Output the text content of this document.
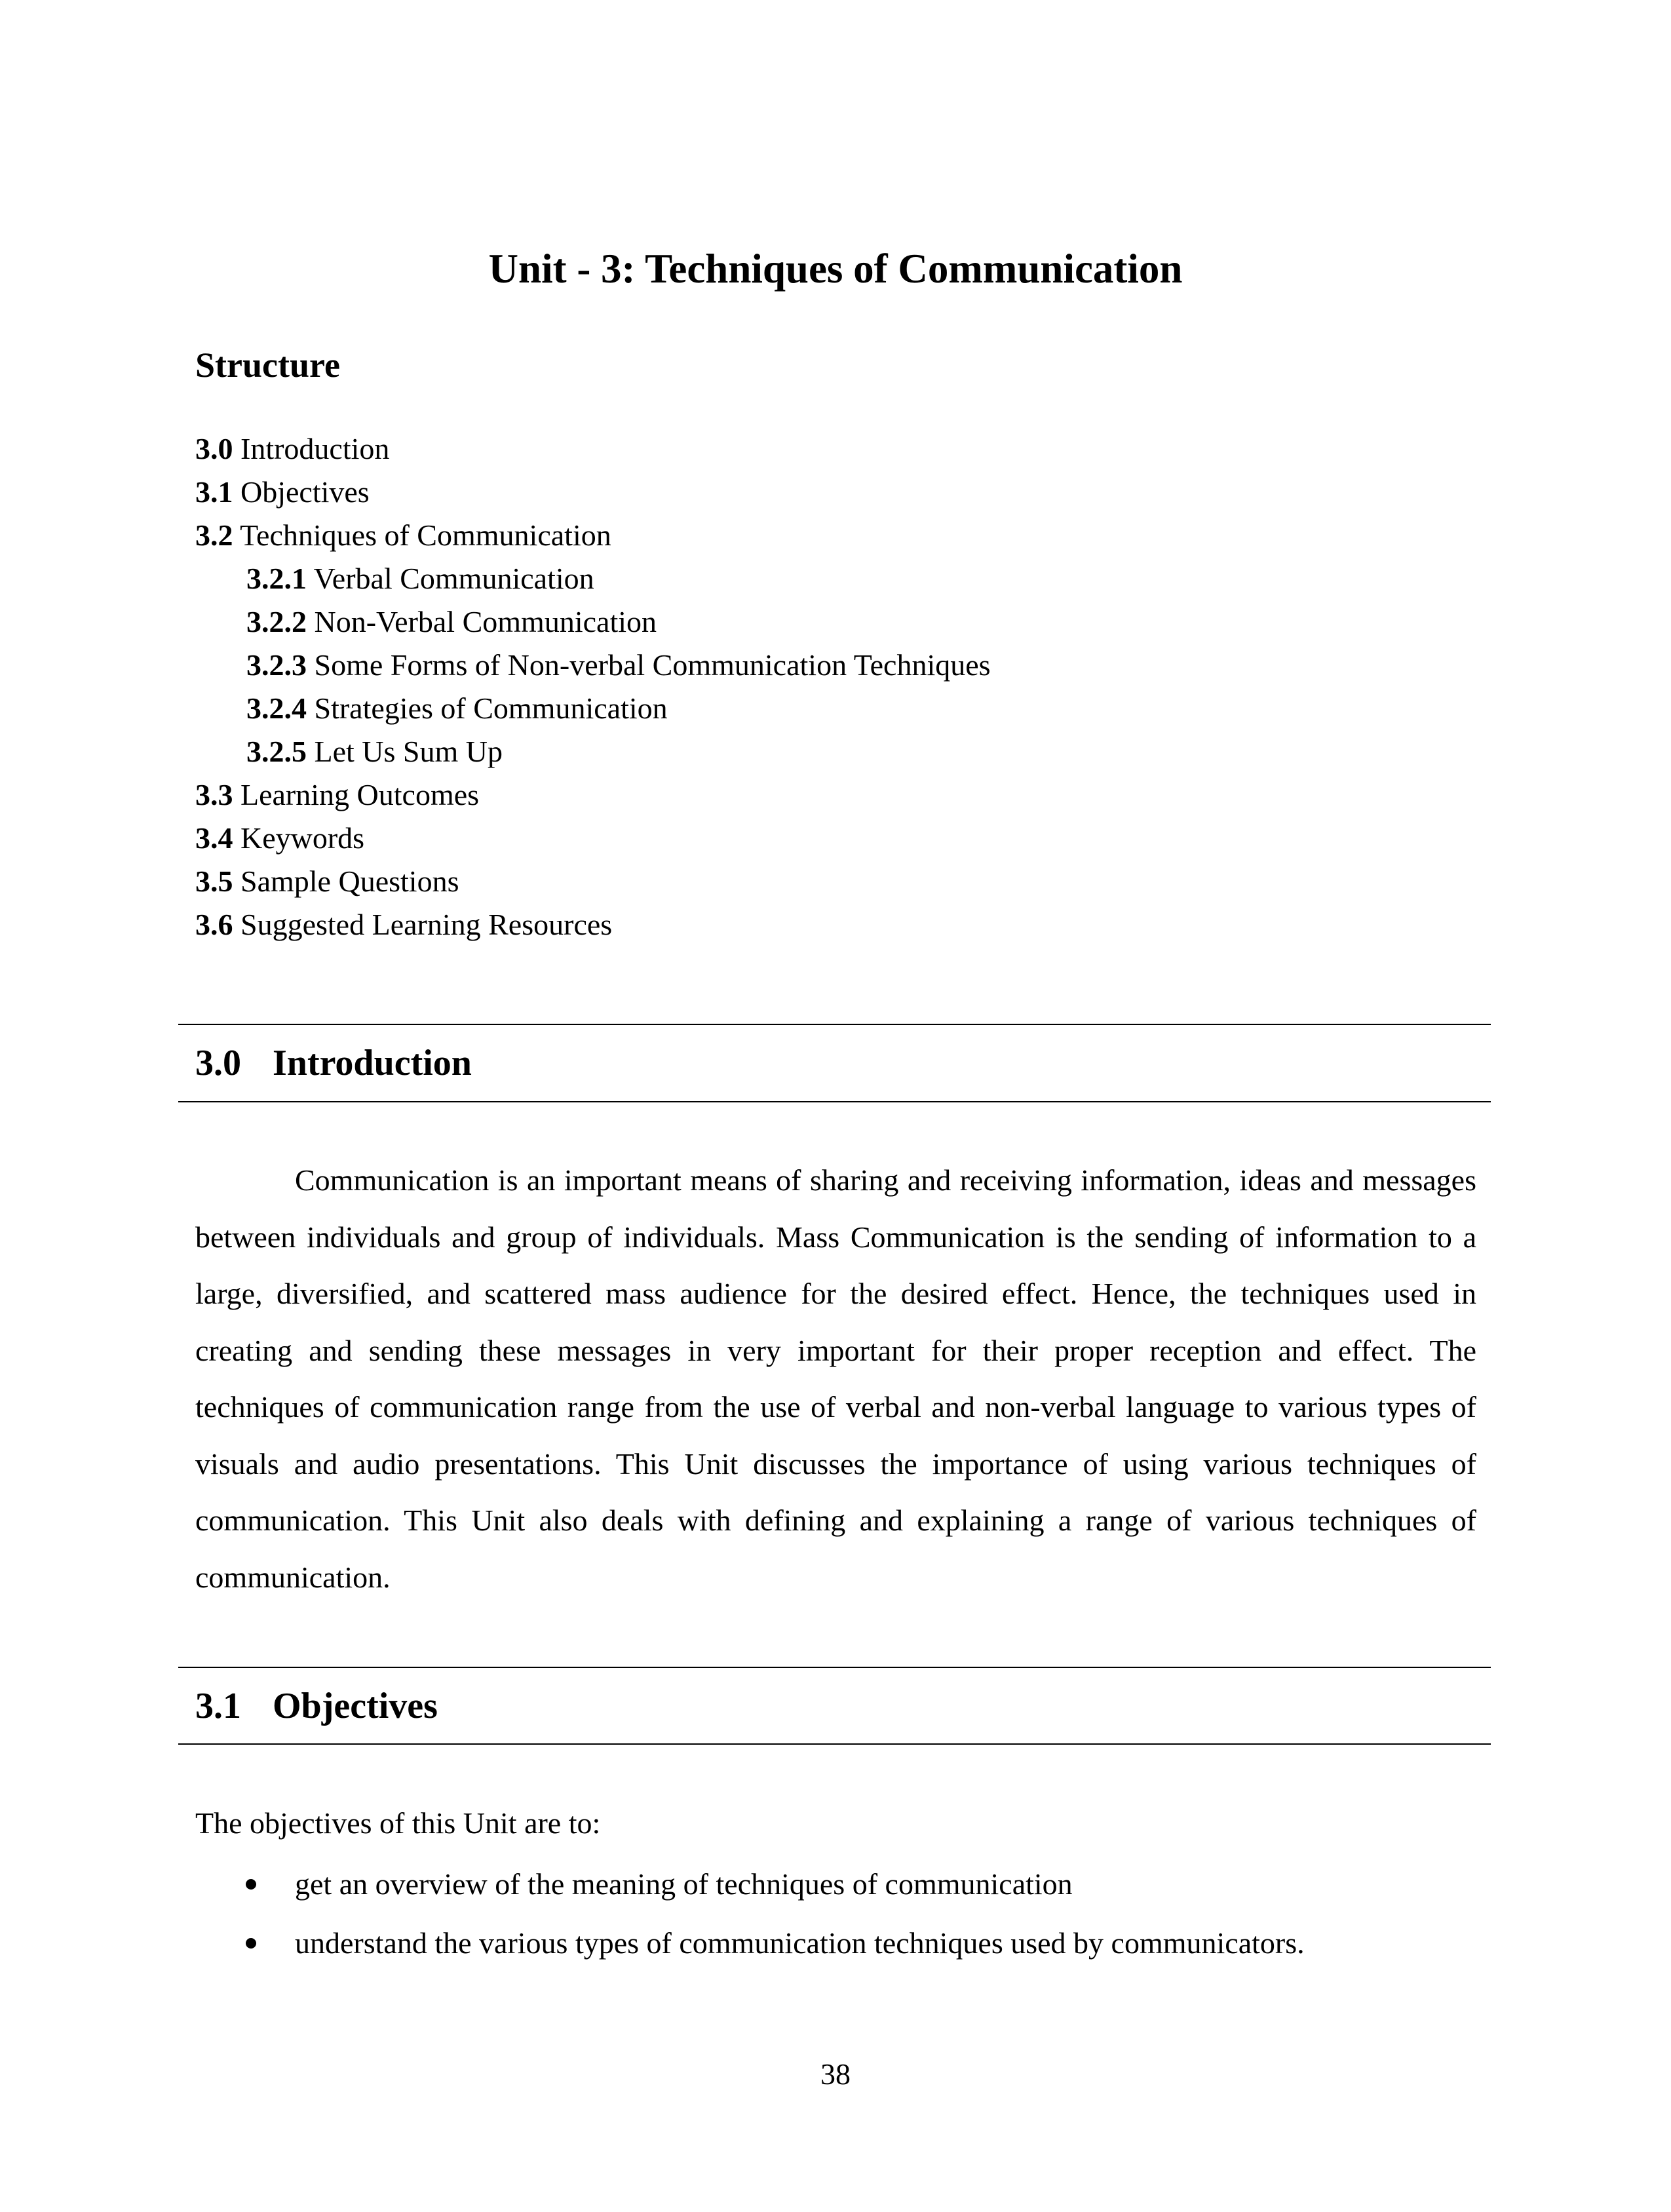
Unit - 3: Techniques of Communication
Structure
3.0 Introduction
3.1 Objectives
3.2 Techniques of Communication
3.2.1 Verbal Communication
3.2.2 Non-Verbal Communication
3.2.3 Some Forms of Non-verbal Communication Techniques
3.2.4 Strategies of Communication
3.2.5 Let Us Sum Up
3.3 Learning Outcomes
3.4 Keywords
3.5 Sample Questions
3.6 Suggested Learning Resources
3.0 Introduction
Communication is an important means of sharing and receiving information, ideas and messages between individuals and group of individuals. Mass Communication is the sending of information to a large, diversified, and scattered mass audience for the desired effect. Hence, the techniques used in creating and sending these messages in very important for their proper reception and effect. The techniques of communication range from the use of verbal and non-verbal language to various types of visuals and audio presentations. This Unit discusses the importance of using various techniques of communication. This Unit also deals with defining and explaining a range of various techniques of communication.
3.1 Objectives
The objectives of this Unit are to:
get an overview of the meaning of techniques of communication
understand the various types of communication techniques used by communicators.
38
